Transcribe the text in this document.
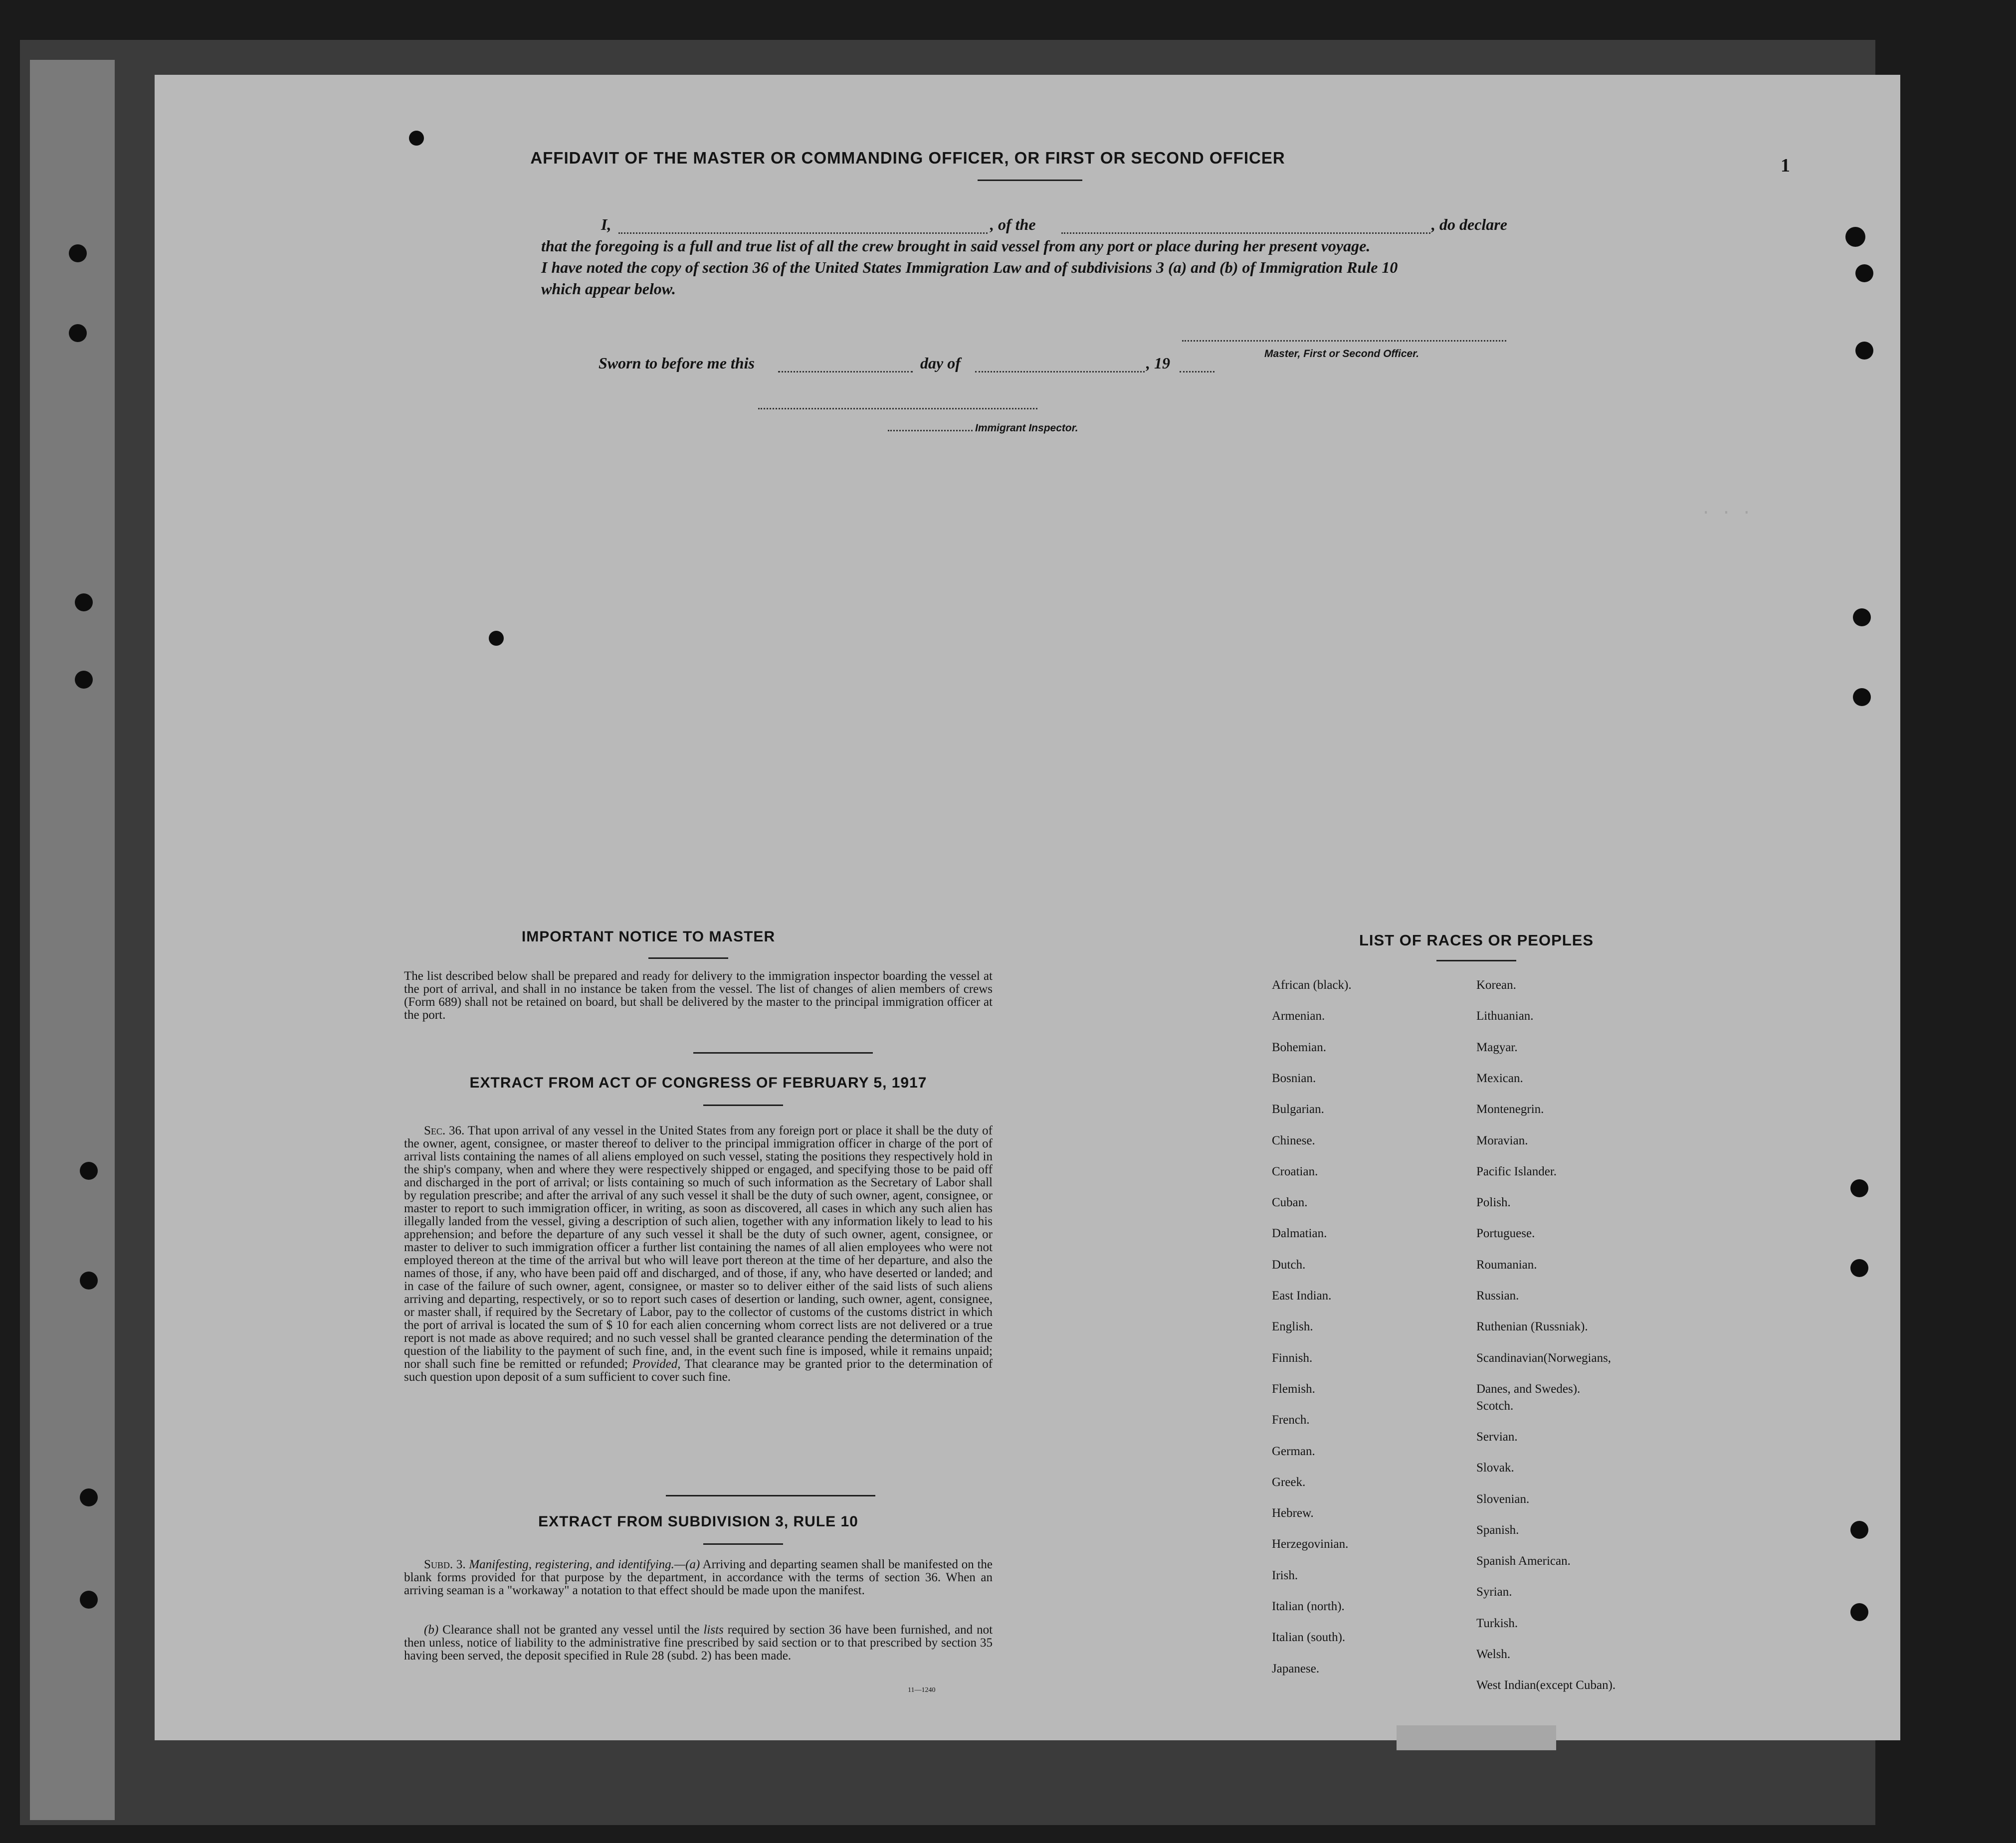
· · ·
AFFIDAVIT OF THE MASTER OR COMMANDING OFFICER, OR FIRST OR SECOND OFFICER	1
I,	, of the	, do declare
that the foregoing is a full and true list of all the crew brought in said vessel from any port or place during her present voyage.
I have noted the copy of section 36 of the United States Immigration Law and of subdivisions 3 (a) and (b) of Immigration Rule 10
which appear below.
Master, First or Second Officer.
Sworn to before me this	day of	, 19
Immigrant Inspector.
IMPORTANT NOTICE TO MASTER

The list described below shall be prepared and ready for delivery to the immigration inspector boarding the vessel at the port of arrival, and shall in no instance be taken from the vessel. The list of changes of alien members of crews (Form 689) shall not be retained on board, but shall be delivered by the master to the principal immigration officer at the port.

EXTRACT FROM ACT OF CONGRESS OF FEBRUARY 5, 1917

Sec. 36. That upon arrival of any vessel in the United States from any foreign port or place it shall be the duty of the owner, agent, consignee, or master thereof to deliver to the principal immigration officer in charge of the port of arrival lists containing the names of all aliens employed on such vessel, stating the positions they respectively hold in the ship's company, when and where they were respectively shipped or engaged, and specifying those to be paid off and discharged in the port of arrival; or lists containing so much of such information as the Secretary of Labor shall by regulation prescribe; and after the arrival of any such vessel it shall be the duty of such owner, agent, consignee, or master to report to such immigration officer, in writing, as soon as discovered, all cases in which any such alien has illegally landed from the vessel, giving a description of such alien, together with any information likely to lead to his apprehension; and before the departure of any such vessel it shall be the duty of such owner, agent, consignee, or master to deliver to such immigration officer a further list containing the names of all alien employees who were not employed thereon at the time of the arrival but who will leave port thereon at the time of her departure, and also the names of those, if any, who have been paid off and discharged, and of those, if any, who have deserted or landed; and in case of the failure of such owner, agent, consignee, or master so to deliver either of the said lists of such aliens arriving and departing, respectively, or so to report such cases of desertion or landing, such owner, agent, consignee, or master shall, if required by the Secretary of Labor, pay to the collector of customs of the customs district in which the port of arrival is located the sum of $ 10 for each alien concerning whom correct lists are not delivered or a true report is not made as above required; and no such vessel shall be granted clearance pending the determination of the question of the liability to the payment of such fine, and, in the event such fine is imposed, while it remains unpaid; nor shall such fine be remitted or refunded; Provided, That clearance may be granted prior to the determination of such question upon deposit of a sum sufficient to cover such fine.

EXTRACT FROM SUBDIVISION 3, RULE 10

Subd. 3. Manifesting, registering, and identifying.—(a) Arriving and departing seamen shall be manifested on the blank forms provided for that purpose by the department, in accordance with the terms of section 36. When an arriving seaman is a "workaway" a notation to that effect should be made upon the manifest.

(b) Clearance shall not be granted any vessel until the lists required by section 36 have been furnished, and not then unless, notice of liability to the administrative fine prescribed by said section or to that prescribed by section 35 having been served, the deposit specified in Rule 28 (subd. 2) has been made.

11—1240
LIST OF RACES OR PEOPLES
African (black).
Armenian.
Bohemian.
Bosnian.
Bulgarian.
Chinese.
Croatian.
Cuban.
Dalmatian.
Dutch.
East Indian.
English.
Finnish.
Flemish.
French.
German.
Greek.
Hebrew.
Herzegovinian.
Irish.
Italian (north).
Italian (south).
Japanese.
Korean.
Lithuanian.
Magyar.
Mexican.
Montenegrin.
Moravian.
Pacific Islander.
Polish.
Portuguese.
Roumanian.
Russian.
Ruthenian (Russniak).
Scandinavian(Norwegians,
Danes, and Swedes).
Scotch.
Servian.
Slovak.
Slovenian.
Spanish.
Spanish American.
Syrian.
Turkish.
Welsh.
West Indian(except Cuban).
